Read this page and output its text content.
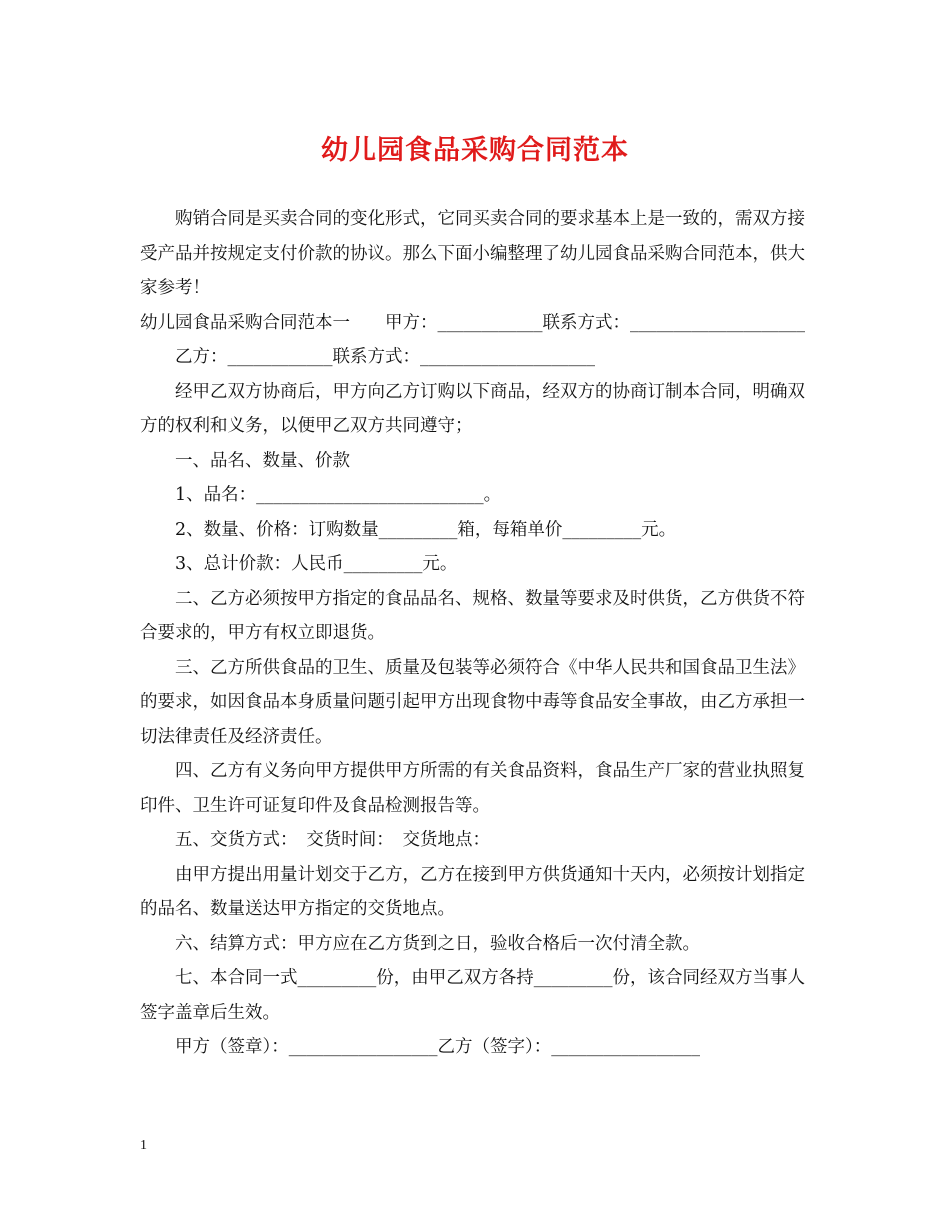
幼儿园食品采购合同范本

购销合同是买卖合同的变化形式，它同买卖合同的要求基本上是一致的，需双方接受产品并按规定支付价款的协议。那么下面小编整理了幼儿园食品采购合同范本，供大家参考！

幼儿园食品采购合同范本一　　甲方：____________联系方式：____________________

乙方：____________联系方式：____________________

经甲乙双方协商后，甲方向乙方订购以下商品，经双方的协商订制本合同，明确双方的权利和义务，以便甲乙双方共同遵守；

一、品名、数量、价款

1、品名：__________________________。

2、数量、价格：订购数量_________箱，每箱单价_________元。

3、总计价款：人民币_________元。

二、乙方必须按甲方指定的食品品名、规格、数量等要求及时供货，乙方供货不符合要求的，甲方有权立即退货。

三、乙方所供食品的卫生、质量及包装等必须符合《中华人民共和国食品卫生法》的要求，如因食品本身质量问题引起甲方出现食物中毒等食品安全事故，由乙方承担一切法律责任及经济责任。

四、乙方有义务向甲方提供甲方所需的有关食品资料，食品生产厂家的营业执照复印件、卫生许可证复印件及食品检测报告等。

五、交货方式：　交货时间：　交货地点：

由甲方提出用量计划交于乙方，乙方在接到甲方供货通知十天内，必须按计划指定的品名、数量送达甲方指定的交货地点。

六、结算方式：甲方应在乙方货到之日，验收合格后一次付清全款。

七、本合同一式_________份，由甲乙双方各持_________份，该合同经双方当事人签字盖章后生效。

甲方（签章）：_________________乙方（签字）：_________________

1
